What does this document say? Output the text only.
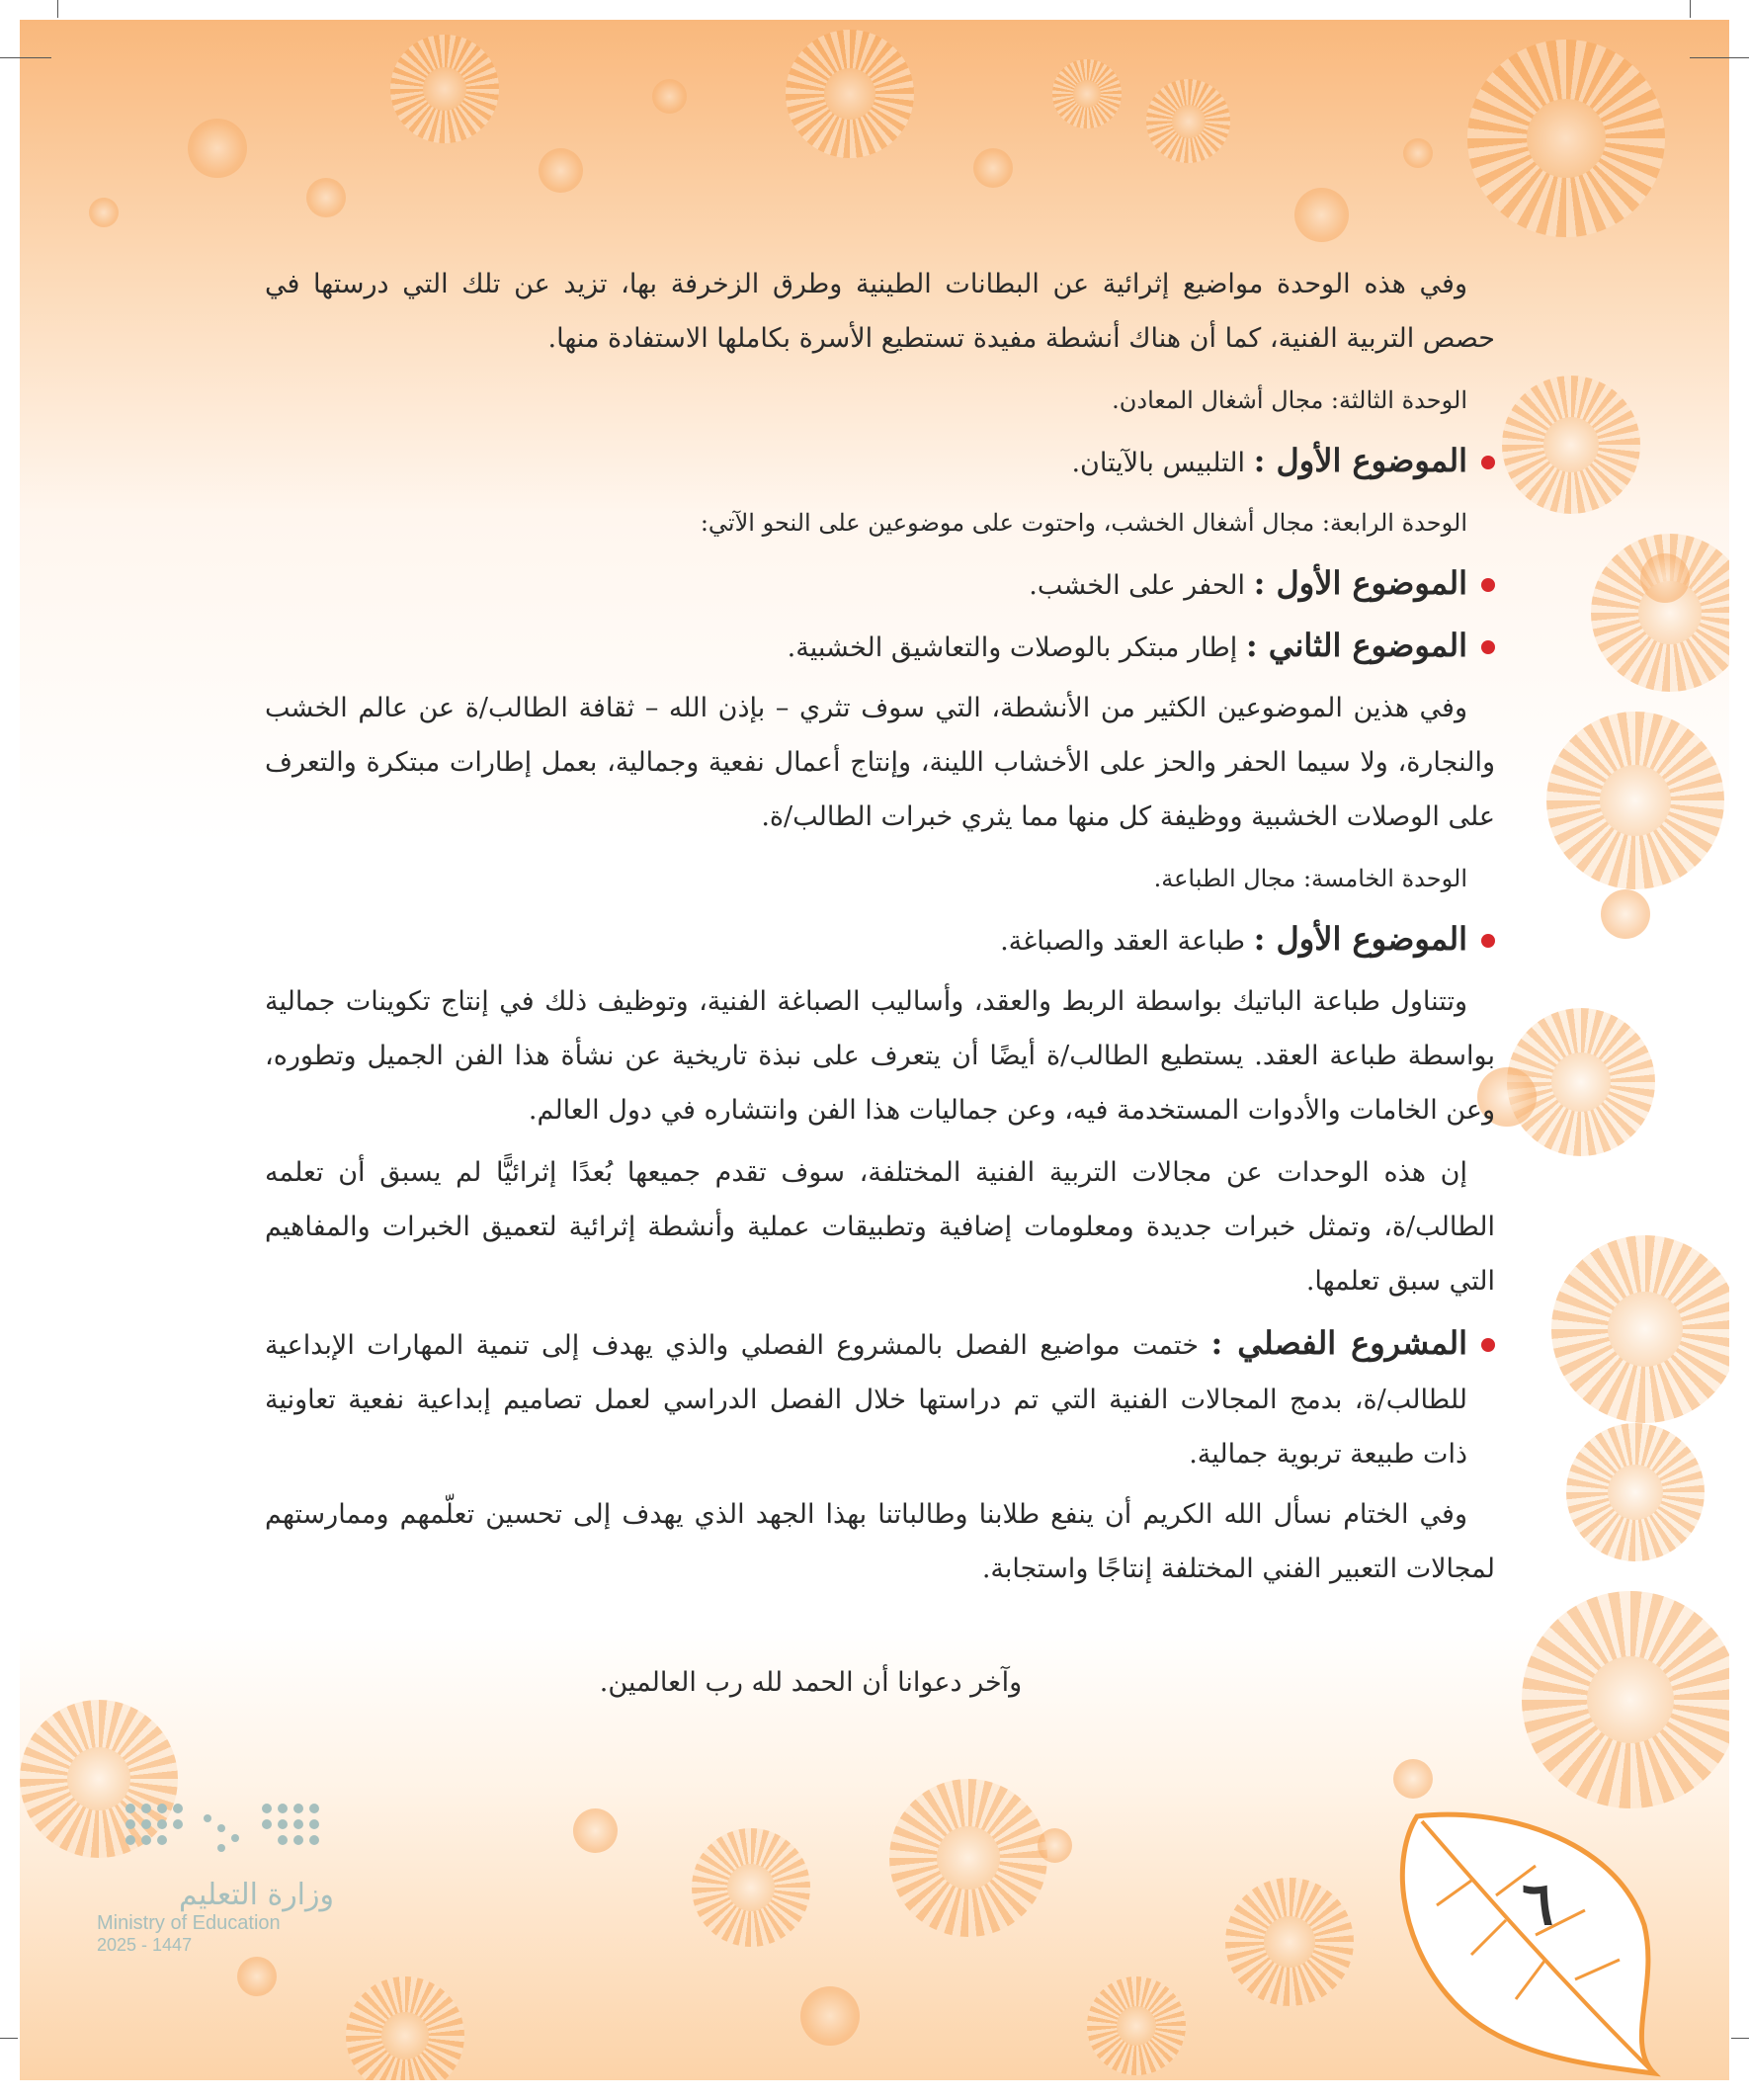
وفي هذه الوحدة مواضيع إثرائية عن البطانات الطينية وطرق الزخرفة بها، تزيد عن تلك التي درستها في حصص التربية الفنية، كما أن هناك أنشطة مفيدة تستطيع الأسرة بكاملها الاستفادة منها.

الوحدة الثالثة: مجال أشغال المعادن.

الموضوع الأول : التلبيس بالآيتان.

الوحدة الرابعة: مجال أشغال الخشب، واحتوت على موضوعين على النحو الآتي:

الموضوع الأول : الحفر على الخشب.

الموضوع الثاني : إطار مبتكر بالوصلات والتعاشيق الخشبية.

وفي هذين الموضوعين الكثير من الأنشطة، التي سوف تثري – بإذن الله – ثقافة الطالب/ة عن عالم الخشب والنجارة، ولا سيما الحفر والحز على الأخشاب اللينة، وإنتاج أعمال نفعية وجمالية، بعمل إطارات مبتكرة والتعرف على الوصلات الخشبية ووظيفة كل منها مما يثري خبرات الطالب/ة.

الوحدة الخامسة: مجال الطباعة.

الموضوع الأول : طباعة العقد والصباغة.

وتتناول طباعة الباتيك بواسطة الربط والعقد، وأساليب الصباغة الفنية، وتوظيف ذلك في إنتاج تكوينات جمالية بواسطة طباعة العقد. يستطيع الطالب/ة أيضًا أن يتعرف على نبذة تاريخية عن نشأة هذا الفن الجميل وتطوره، وعن الخامات والأدوات المستخدمة فيه، وعن جماليات هذا الفن وانتشاره في دول العالم.

إن هذه الوحدات عن مجالات التربية الفنية المختلفة، سوف تقدم جميعها بُعدًا إثرائيًّا لم يسبق أن تعلمه الطالب/ة، وتمثل خبرات جديدة ومعلومات إضافية وتطبيقات عملية وأنشطة إثرائية لتعميق الخبرات والمفاهيم التي سبق تعلمها.

المشروع الفصلي : ختمت مواضيع الفصل بالمشروع الفصلي والذي يهدف إلى تنمية المهارات الإبداعية للطالب/ة، بدمج المجالات الفنية التي تم دراستها خلال الفصل الدراسي لعمل تصاميم إبداعية نفعية تعاونية ذات طبيعة تربوية جمالية.

وفي الختام نسأل الله الكريم أن ينفع طلابنا وطالباتنا بهذا الجهد الذي يهدف إلى تحسين تعلّمهم وممارستهم لمجالات التعبير الفني المختلفة إنتاجًا واستجابة.

وآخر دعوانا أن الحمد لله رب العالمين.

٦
وزارة التعليم
Ministry of Education
2025 - 1447
